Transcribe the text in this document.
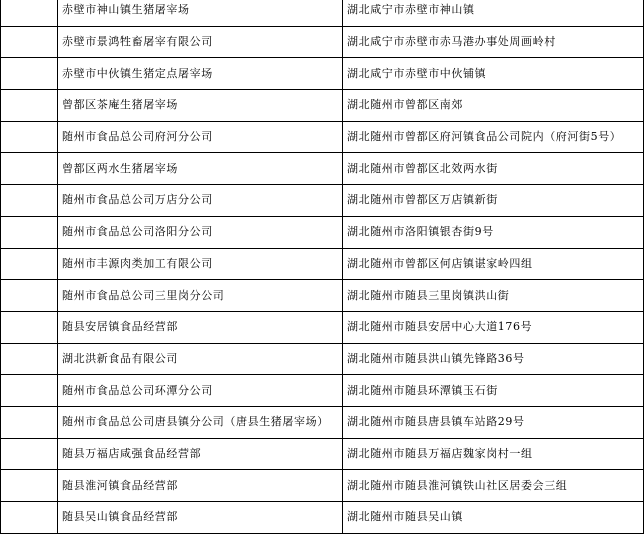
	赤壁市神山镇生猪屠宰场	湖北咸宁市赤壁市神山镇
	赤壁市景鸿牲畜屠宰有限公司	湖北咸宁市赤壁市赤马港办事处周画岭村
	赤壁市中伙镇生猪定点屠宰场	湖北咸宁市赤壁市中伙铺镇
	曾都区茶庵生猪屠宰场	湖北随州市曾都区南郊
	随州市食品总公司府河分公司	湖北随州市曾都区府河镇食品公司院内（府河街5号）
	曾都区两水生猪屠宰场	湖北随州市曾都区北效两水街
	随州市食品总公司万店分公司	湖北随州市曾都区万店镇新街
	随州市食品总公司洛阳分公司	湖北随州市洛阳镇银杏街9号
	随州市丰源肉类加工有限公司	湖北随州市曾都区何店镇谌家岭四组
	随州市食品总公司三里岗分公司	湖北随州市随县三里岗镇洪山街
	随县安居镇食品经营部	湖北随州市随县安居中心大道176号
	湖北洪新食品有限公司	湖北随州市随县洪山镇先锋路36号
	随州市食品总公司环潭分公司	湖北随州市随县环潭镇玉石街
	随州市食品总公司唐县镇分公司（唐县生猪屠宰场）	湖北随州市随县唐县镇车站路29号
	随县万福店咸强食品经营部	湖北随州市随县万福店魏家岗村一组
	随县淮河镇食品经营部	湖北随州市随县淮河镇铁山社区居委会三组
	随县吴山镇食品经营部	湖北随州市随县吴山镇
